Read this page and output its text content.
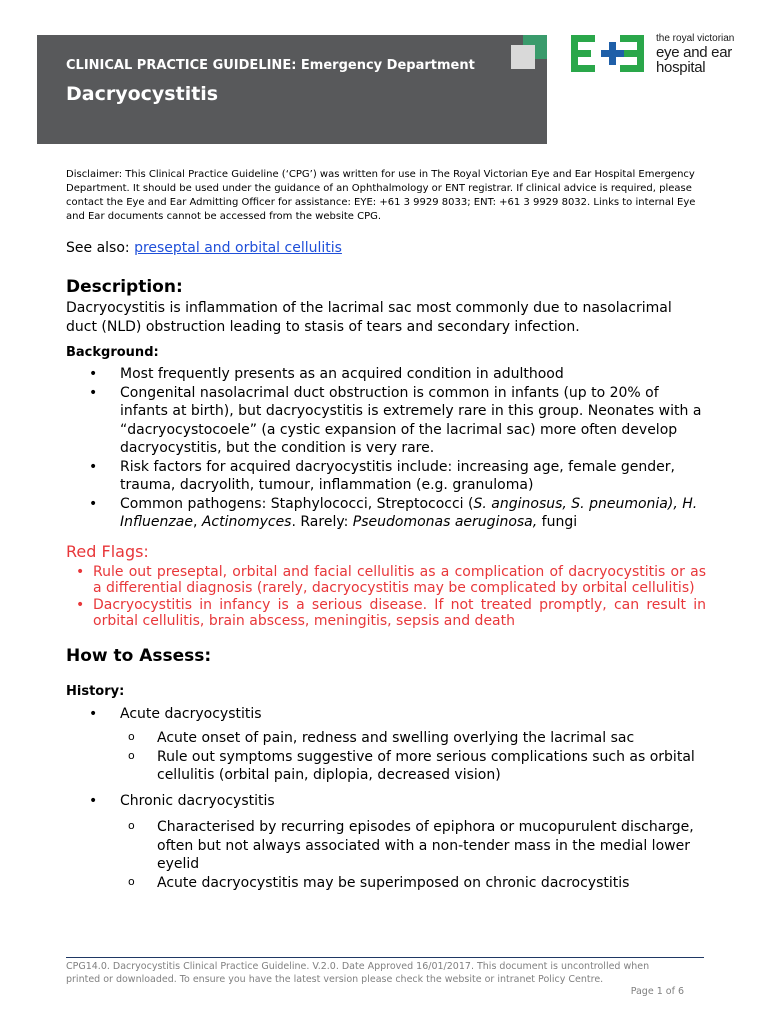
CLINICAL PRACTICE GUIDELINE: Emergency Department
Dacryocystitis
the royal victorian
eye and ear
hospital
Disclaimer: This Clinical Practice Guideline (‘CPG’) was written for use in The Royal Victorian Eye and Ear Hospital Emergency Department. It should be used under the guidance of an Ophthalmology or ENT registrar. If clinical advice is required, please contact the Eye and Ear Admitting Officer for assistance: EYE: +61 3 9929 8033; ENT: +61 3 9929 8032. Links to internal Eye and Ear documents cannot be accessed from the website CPG.
See also: preseptal and orbital cellulitis
Description:

Dacryocystitis is inflammation of the lacrimal sac most commonly due to nasolacrimal duct (NLD) obstruction leading to stasis of tears and secondary infection.

Background:
• Most frequently presents as an acquired condition in adulthood
• Congenital nasolacrimal duct obstruction is common in infants (up to 20% of infants at birth), but dacryocystitis is extremely rare in this group. Neonates with a “dacryocystocoele” (a cystic expansion of the lacrimal sac) more often develop dacryocystitis, but the condition is very rare.
• Risk factors for acquired dacryocystitis include: increasing age, female gender, trauma, dacryolith, tumour, inflammation (e.g. granuloma)
• Common pathogens: Staphylococci, Streptococci (S. anginosus, S. pneumonia), H. Influenzae, Actinomyces. Rarely: Pseudomonas aeruginosa, fungi
Red Flags:
• Rule out preseptal, orbital and facial cellulitis as a complication of dacryocystitis or as a differential diagnosis (rarely, dacryocystitis may be complicated by orbital cellulitis)
• Dacryocystitis in infancy is a serious disease. If not treated promptly, can result in orbital cellulitis, brain abscess, meningitis, sepsis and death
How to Assess:
History:
• Acute dacryocystitis
o Acute onset of pain, redness and swelling overlying the lacrimal sac
o Rule out symptoms suggestive of more serious complications such as orbital cellulitis (orbital pain, diplopia, decreased vision)
• Chronic dacryocystitis
o Characterised by recurring episodes of epiphora or mucopurulent discharge, often but not always associated with a non-tender mass in the medial lower eyelid
o Acute dacryocystitis may be superimposed on chronic dacrocystitis
CPG14.0. Dacryocystitis Clinical Practice Guideline. V.2.0. Date Approved 16/01/2017. This document is uncontrolled when printed or downloaded. To ensure you have the latest version please check the website or intranet Policy Centre.
Page 1 of 6
